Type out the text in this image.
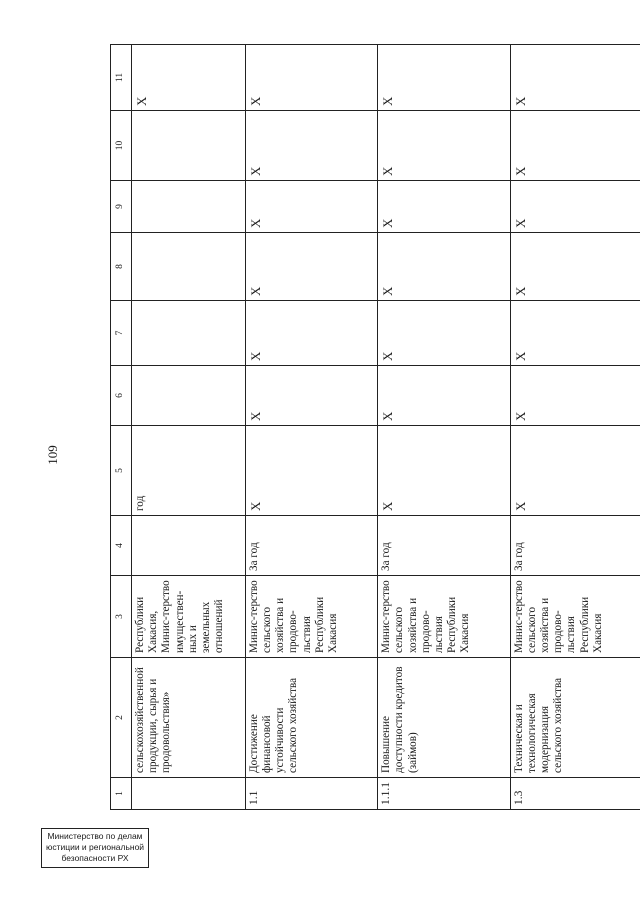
109
1	2	3	4	5	6	7	8	9	10	11
	сельскохозяйственной продукции, сырья и продовольствия»	Республики Хакасия, Минис-терство имуществен-ных и земельных отношений		год						X
1.1	Достижение финансовой устойчивости сельского хозяйства	Минис-терство сельского хозяйства и продово-льствия Республики Хакасия	За год	X	X	X	X	X	X	X
1.1.1	Повышение доступности кредитов (займов)	Минис-терство сельского хозяйства и продово-льствия Республики Хакасия	За год	X	X	X	X	X	X	X
1.3	Техническая и технологическая модернизация сельского хозяйства	Минис-терство сельского хозяйства и продово-льствия Республики Хакасия	За год	X	X	X	X	X	X	X
Министерство по делам
юстиции и региональной
безопасности РХ
